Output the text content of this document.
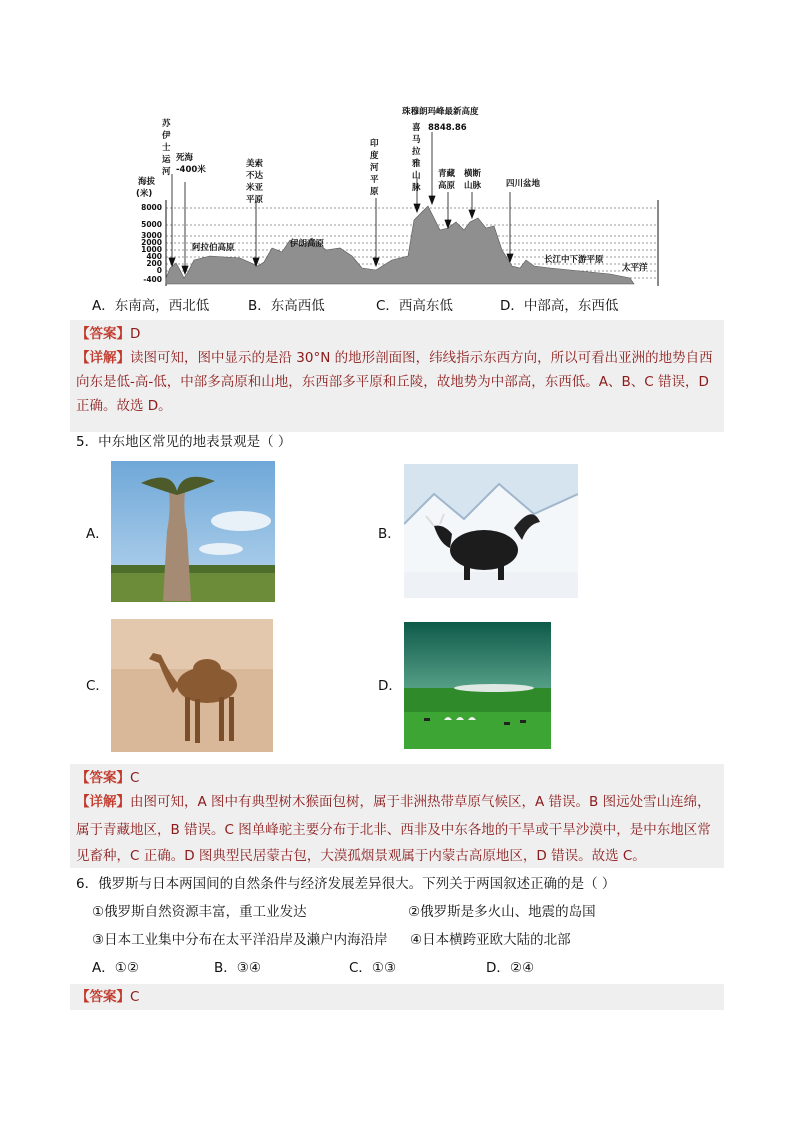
8000
5000
3000
2000
1000
400
200
0
-400
海拔
(米)
苏
伊
士
运
河
死海
-400米
美索
不达
米亚
平原
阿拉伯高原	伊朗高原
印
度
河
平
原
珠穆朗玛峰最新高度
8848.86
喜
马
拉
雅
山
脉
青藏
高原
横断
山脉	四川盆地
长江中下游平原
太平洋
A．东南高，西北低	B．东高西低	C．西高东低	D．中部高，东西低
【答案】D
【详解】读图可知，图中显示的是沿 30°N 的地形剖面图，纬线指示东西方向，所以可看出亚洲的地势自西
向东是低-高-低，中部多高原和山地，东西部多平原和丘陵，故地势为中部高，东西低。A、B、C 错误，D
正确。故选 D。
5．中东地区常见的地表景观是（ ）
A．	B．
C．	D．
【答案】C
【详解】由图可知，A 图中有典型树木猴面包树，属于非洲热带草原气候区，A 错误。B 图远处雪山连绵，
属于青藏地区，B 错误。C 图单峰驼主要分布于北非、西非及中东各地的干旱或干旱沙漠中，是中东地区常
见畜种，C 正确。D 图典型民居蒙古包，大漠孤烟景观属于内蒙古高原地区，D 错误。故选 C。
6．俄罗斯与日本两国间的自然条件与经济发展差异很大。下列关于两国叙述正确的是（ ）
①俄罗斯自然资源丰富，重工业发达	②俄罗斯是多火山、地震的岛国
③日本工业集中分布在太平洋沿岸及濑户内海沿岸 ④日本横跨亚欧大陆的北部
A．①②	B．③④	C．①③	D．②④
【答案】C
